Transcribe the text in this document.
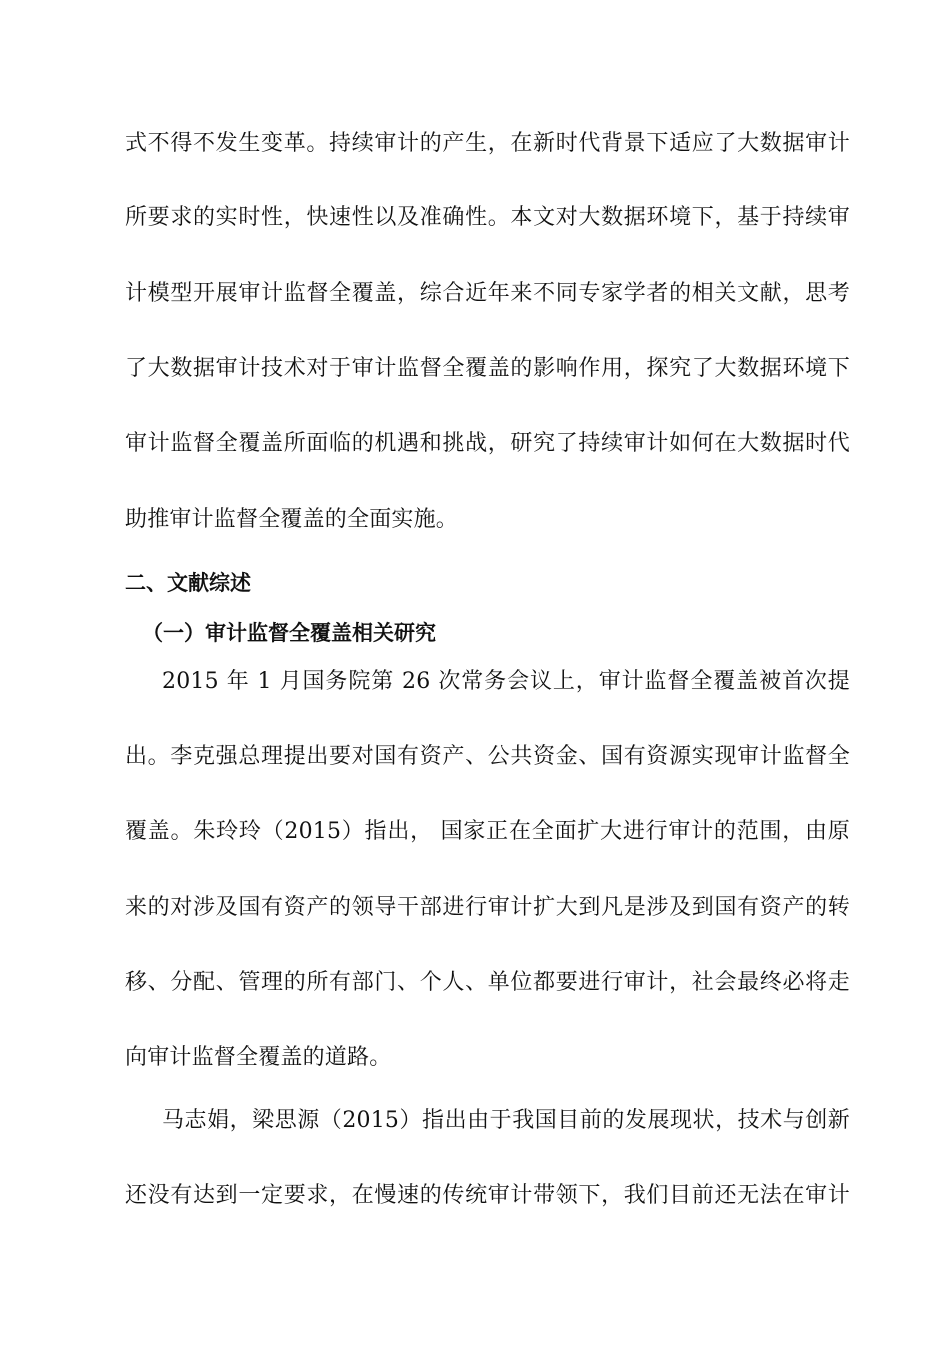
式不得不发生变革。持续审计的产生，在新时代背景下适应了大数据审计
所要求的实时性，快速性以及准确性。本文对大数据环境下，基于持续审
计模型开展审计监督全覆盖，综合近年来不同专家学者的相关文献，思考
了大数据审计技术对于审计监督全覆盖的影响作用，探究了大数据环境下
审计监督全覆盖所面临的机遇和挑战，研究了持续审计如何在大数据时代
助推审计监督全覆盖的全面实施。
二、文献综述
（一）审计监督全覆盖相关研究
2015 年 1 月国务院第 26 次常务会议上，审计监督全覆盖被首次提
出。李克强总理提出要对国有资产、公共资金、国有资源实现审计监督全
覆盖。朱玲玲（2015）指出， 国家正在全面扩大进行审计的范围，由原
来的对涉及国有资产的领导干部进行审计扩大到凡是涉及到国有资产的转
移、分配、管理的所有部门、个人、单位都要进行审计，社会最终必将走
向审计监督全覆盖的道路。
马志娟，梁思源（2015）指出由于我国目前的发展现状，技术与创新
还没有达到一定要求，在慢速的传统审计带领下，我们目前还无法在审计
